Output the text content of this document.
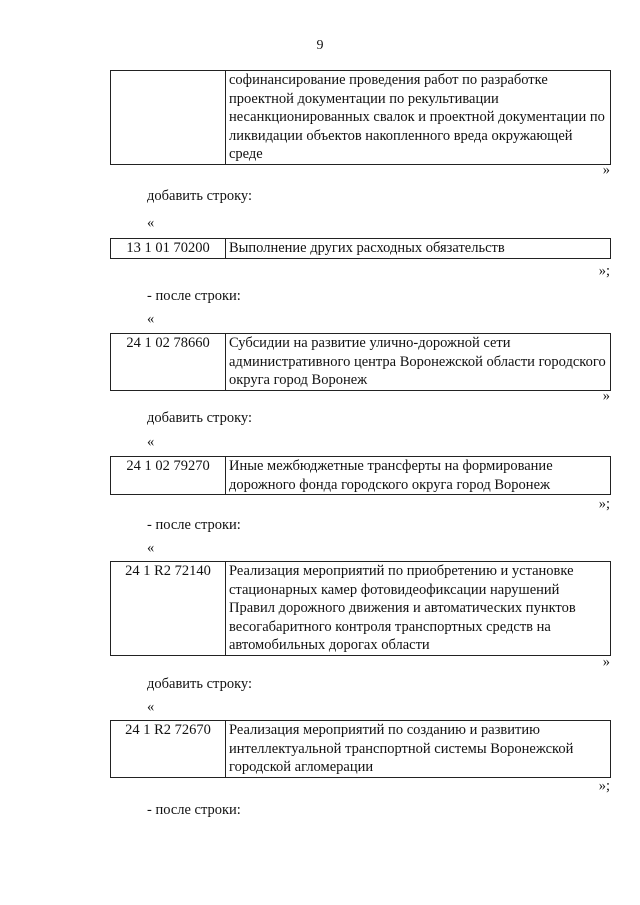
9
	софинансирование проведения работ по разработке проектной документации по рекультивации несанкционированных свалок и проектной документации по ликвидации объектов накопленного вреда окружающей среде
»
добавить строку:
«
13 1 01 70200	Выполнение других расходных обязательств
»;
- после строки:
«
24 1 02 78660	Субсидии на развитие улично-дорожной сети административного центра Воронежской области городского округа город Воронеж
»
добавить строку:
«
24 1 02 79270	Иные межбюджетные трансферты на формирование дорожного фонда городского округа город Воронеж
»;
- после строки:
«
24 1 R2 72140	Реализация мероприятий по приобретению и установке стационарных камер фотовидеофиксации нарушений Правил дорожного движения и автоматических пунктов весогабаритного контроля транспортных средств на автомобильных дорогах области
»
добавить строку:
«
24 1 R2 72670	Реализация мероприятий по созданию и развитию интеллектуальной транспортной системы Воронежской городской агломерации
»;
- после строки:
